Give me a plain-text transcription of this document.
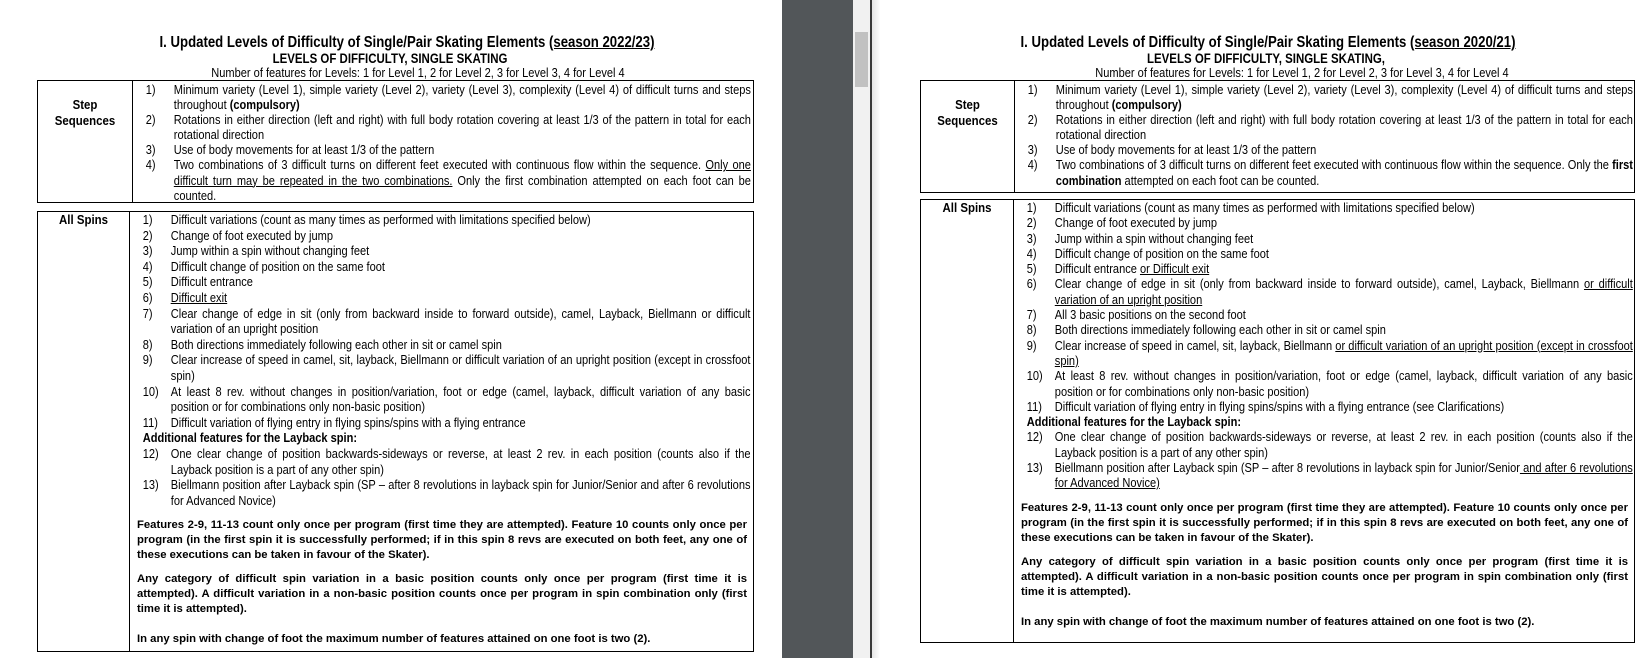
I. Updated Levels of Difficulty of Single/Pair Skating Elements (season 2022/23)
LEVELS OF DIFFICULTY, SINGLE SKATING
Number of features for Levels: 1 for Level 1, 2 for Level 2, 3 for Level 3, 4 for Level 4
Step
Sequences
1) Minimum variety (Level 1), simple variety (Level 2), variety (Level 3), complexity (Level 4) of difficult turns and steps throughout (compulsory)
2) Rotations in either direction (left and right) with full body rotation covering at least 1/3 of the pattern in total for each rotational direction
3) Use of body movements for at least 1/3 of the pattern
4) Two combinations of 3 difficult turns on different feet executed with continuous flow within the sequence. Only one difficult turn may be repeated in the two combinations. Only the first combination attempted on each foot can be counted.
All Spins	1) Difficult variations (count as many times as performed with limitations specified below)
2) Change of foot executed by jump
3) Jump within a spin without changing feet
4) Difficult change of position on the same foot
5) Difficult entrance
6) Difficult exit
7) Clear change of edge in sit (only from backward inside to forward outside), camel, Layback, Biellmann or difficult variation of an upright position
8) Both directions immediately following each other in sit or camel spin
9) Clear increase of speed in camel, sit, layback, Biellmann or difficult variation of an upright position (except in crossfoot spin)
10) At least 8 rev. without changes in position/variation, foot or edge (camel, layback, difficult variation of any basic position or for combinations only non-basic position)
11) Difficult variation of flying entry in flying spins/spins with a flying entrance
Additional features for the Layback spin:
12) One clear change of position backwards-sideways or reverse, at least 2 rev. in each position (counts also if the Layback position is a part of any other spin)
13) Biellmann position after Layback spin (SP – after 8 revolutions in layback spin for Junior/Senior and after 6 revolutions for Advanced Novice)

Features 2-9, 11-13 count only once per program (first time they are attempted). Feature 10 counts only once per program (in the first spin it is successfully performed; if in this spin 8 revs are executed on both feet, any one of these executions can be taken in favour of the Skater).

Any category of difficult spin variation in a basic position counts only once per program (first time it is attempted). A difficult variation in a non-basic position counts once per program in spin combination only (first time it is attempted).

In any spin with change of foot the maximum number of features attained on one foot is two (2).

I. Updated Levels of Difficulty of Single/Pair Skating Elements (season 2020/21)
LEVELS OF DIFFICULTY, SINGLE SKATING,
Number of features for Levels: 1 for Level 1, 2 for Level 2, 3 for Level 3, 4 for Level 4
Step
Sequences
1) Minimum variety (Level 1), simple variety (Level 2), variety (Level 3), complexity (Level 4) of difficult turns and steps throughout (compulsory)
2) Rotations in either direction (left and right) with full body rotation covering at least 1/3 of the pattern in total for each rotational direction
3) Use of body movements for at least 1/3 of the pattern
4) Two combinations of 3 difficult turns on different feet executed with continuous flow within the sequence. Only the first combination attempted on each foot can be counted.
All Spins	1) Difficult variations (count as many times as performed with limitations specified below)
2) Change of foot executed by jump
3) Jump within a spin without changing feet
4) Difficult change of position on the same foot
5) Difficult entrance or Difficult exit
6) Clear change of edge in sit (only from backward inside to forward outside), camel, Layback, Biellmann or difficult variation of an upright position
7) All 3 basic positions on the second foot
8) Both directions immediately following each other in sit or camel spin
9) Clear increase of speed in camel, sit, layback, Biellmann or difficult variation of an upright position (except in crossfoot spin)
10) At least 8 rev. without changes in position/variation, foot or edge (camel, layback, difficult variation of any basic position or for combinations only non-basic position)
11) Difficult variation of flying entry in flying spins/spins with a flying entrance (see Clarifications)
Additional features for the Layback spin:
12) One clear change of position backwards-sideways or reverse, at least 2 rev. in each position (counts also if the Layback position is a part of any other spin)
13) Biellmann position after Layback spin (SP – after 8 revolutions in layback spin for Junior/Senior and after 6 revolutions for Advanced Novice)

Features 2-9, 11-13 count only once per program (first time they are attempted). Feature 10 counts only once per program (in the first spin it is successfully performed; if in this spin 8 revs are executed on both feet, any one of these executions can be taken in favour of the Skater).

Any category of difficult spin variation in a basic position counts only once per program (first time it is attempted). A difficult variation in a non-basic position counts once per program in spin combination only (first time it is attempted).

In any spin with change of foot the maximum number of features attained on one foot is two (2).
